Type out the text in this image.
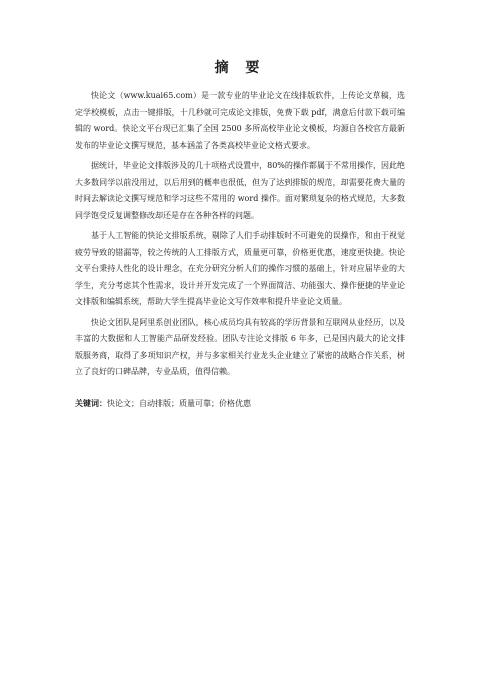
摘 要

快论文（www.kuai65.com）是一款专业的毕业论文在线排版软件，上传论文草稿，选定学校模板，点击一键排版，十几秒就可完成论文排版，免费下载 pdf，满意后付款下载可编辑的 word。快论文平台现已汇集了全国 2500 多所高校毕业论文模板，均源自各校官方最新发布的毕业论文撰写规范，基本涵盖了各类高校毕业论文格式要求。

据统计，毕业论文排版涉及的几十项格式设置中，80%的操作都属于不常用操作，因此绝大多数同学以前没用过，以后用到的概率也很低，但为了达到排版的规范，却需要花费大量的时间去解读论文撰写规范和学习这些不常用的 word 操作。面对繁琐复杂的格式规范，大多数同学饱受反复调整修改却还是存在各种各样的问题。

基于人工智能的快论文排版系统，剔除了人们手动排版时不可避免的误操作，和由于视觉疲劳导致的错漏等，较之传统的人工排版方式，质量更可靠，价格更优惠，速度更快捷。快论文平台秉持人性化的设计理念，在充分研究分析人们的操作习惯的基础上，针对应届毕业的大学生，充分考虑其个性需求，设计并开发完成了一个界面简洁、功能强大、操作便捷的毕业论文排版和编辑系统，帮助大学生提高毕业论文写作效率和提升毕业论文质量。

快论文团队是阿里系创业团队，核心成员均具有较高的学历背景和互联网从业经历，以及丰富的大数据和人工智能产品研发经验。团队专注论文排版 6 年多，已是国内最大的论文排版服务商，取得了多项知识产权，并与多家相关行业龙头企业建立了紧密的战略合作关系，树立了良好的口碑品牌，专业品质，值得信赖。

关键词：快论文；自动排版；质量可靠；价格优惠
